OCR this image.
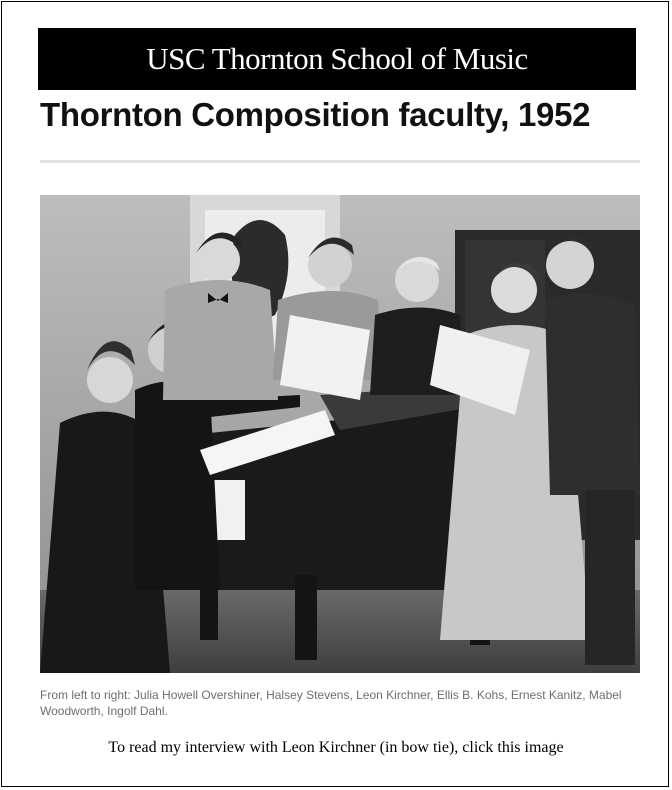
USC Thornton School of Music
Thornton Composition faculty, 1952
From left to right: Julia Howell Overshiner, Halsey Stevens, Leon Kirchner, Ellis B. Kohs, Ernest Kanitz, Mabel Woodworth, Ingolf Dahl.
To read my interview with Leon Kirchner (in bow tie), click this image
